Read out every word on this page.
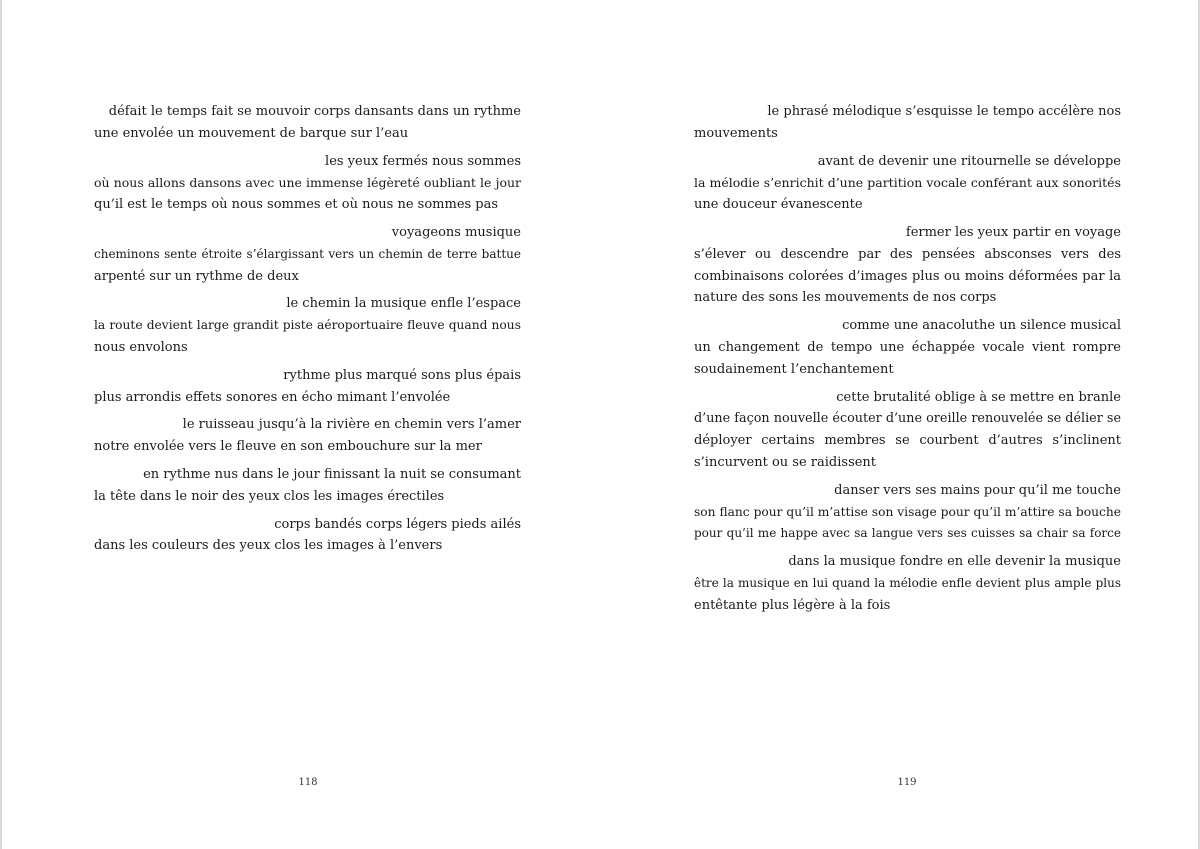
défait le temps fait se mouvoir corps dansants dans un rythme
une envolée un mouvement de barque sur l’eau
les yeux fermés nous sommes
où nous allons dansons avec une immense légèreté oubliant le jour
qu’il est le temps où nous sommes et où nous ne sommes pas
voyageons musique
cheminons sente étroite s’élargissant vers un chemin de terre battue
arpenté sur un rythme de deux
le chemin la musique enfle l’espace
la route devient large grandit piste aéroportuaire fleuve quand nous
nous envolons
rythme plus marqué sons plus épais
plus arrondis effets sonores en écho mimant l’envolée
le ruisseau jusqu’à la rivière en chemin vers l’amer
notre envolée vers le fleuve en son embouchure sur la mer
en rythme nus dans le jour finissant la nuit se consumant
la tête dans le noir des yeux clos les images érectiles
corps bandés corps légers pieds ailés
dans les couleurs des yeux clos les images à l’envers
118
le phrasé mélodique s’esquisse le tempo accélère nos
mouvements
avant de devenir une ritournelle se développe
la mélodie s’enrichit d’une partition vocale conférant aux sonorités
une douceur évanescente
fermer les yeux partir en voyage
s’élever ou descendre par des pensées absconses vers des
combinaisons colorées d’images plus ou moins déformées par la
nature des sons les mouvements de nos corps
comme une anacoluthe un silence musical
un changement de tempo une échappée vocale vient rompre
soudainement l’enchantement
cette brutalité oblige à se mettre en branle
d’une façon nouvelle écouter d’une oreille renouvelée se délier se
déployer certains membres se courbent d’autres s’inclinent
s’incurvent ou se raidissent
danser vers ses mains pour qu’il me touche
son flanc pour qu’il m’attise son visage pour qu’il m’attire sa bouche
pour qu’il me happe avec sa langue vers ses cuisses sa chair sa force
dans la musique fondre en elle devenir la musique
être la musique en lui quand la mélodie enfle devient plus ample plus
entêtante plus légère à la fois
119
